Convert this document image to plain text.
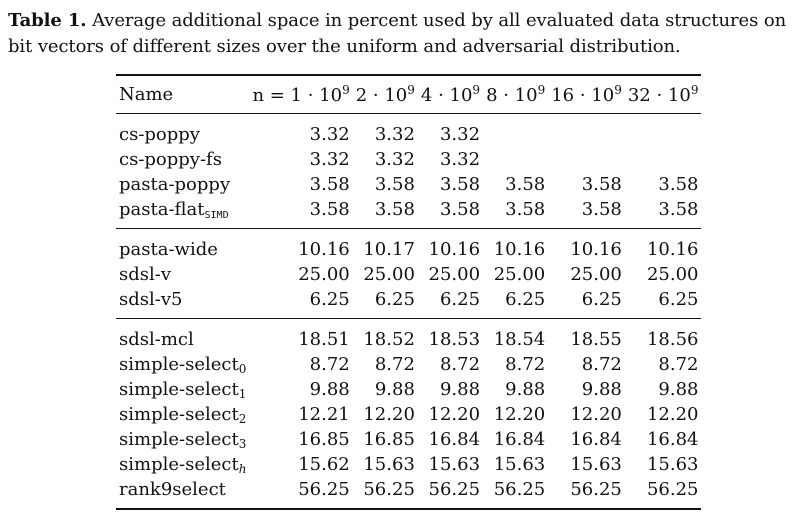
Table 1. Average additional space in percent used by all evaluated data structures on bit vectors of different sizes over the uniform and adversarial distribution.
Name	$n = 1 \cdot 10^9$	$2 \cdot 10^9$	$4 \cdot 10^9$	$8 \cdot 10^9$	$16 \cdot 10^9$	$32 \cdot 10^9$
cs-poppy	3.32	3.32	3.32			
cs-poppy-fs	3.32	3.32	3.32			
pasta-poppy	3.58	3.58	3.58	3.58	3.58	3.58
pasta-flat$_{SIMD}$	3.58	3.58	3.58	3.58	3.58	3.58
pasta-wide	10.16	10.17	10.16	10.16	10.16	10.16
sdsl-v	25.00	25.00	25.00	25.00	25.00	25.00
sdsl-v5	6.25	6.25	6.25	6.25	6.25	6.25
sdsl-mcl	18.51	18.52	18.53	18.54	18.55	18.56
simple-select$_0$	8.72	8.72	8.72	8.72	8.72	8.72
simple-select$_1$	9.88	9.88	9.88	9.88	9.88	9.88
simple-select$_2$	12.21	12.20	12.20	12.20	12.20	12.20
simple-select$_3$	16.85	16.85	16.84	16.84	16.84	16.84
simple-select$_h$	15.62	15.63	15.63	15.63	15.63	15.63
rank9select	56.25	56.25	56.25	56.25	56.25	56.25
